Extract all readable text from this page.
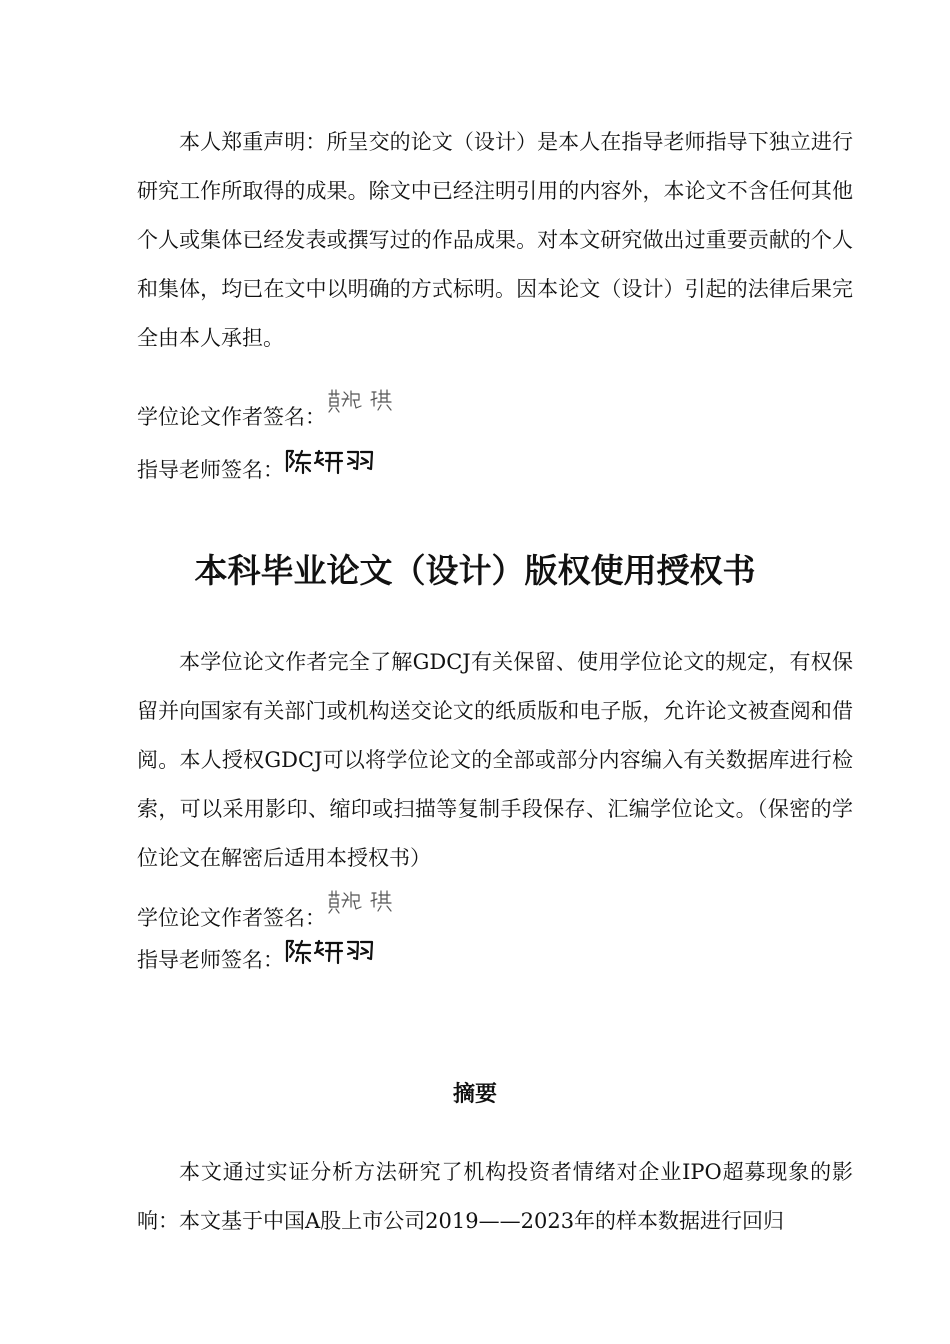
本人郑重声明：所呈交的论文（设计）是本人在指导老师指导下独立进行研究工作所取得的成果。除文中已经注明引用的内容外，本论文不含任何其他个人或集体已经发表或撰写过的作品成果。对本文研究做出过重要贡献的个人和集体，均已在文中以明确的方式标明。因本论文（设计）引起的法律后果完全由本人承担。

学位论文作者签名：
指导老师签名：
本科毕业论文（设计）版权使用授权书

本学位论文作者完全了解GDCJ有关保留、使用学位论文的规定，有权保留并向国家有关部门或机构送交论文的纸质版和电子版，允许论文被查阅和借阅。本人授权GDCJ可以将学位论文的全部或部分内容编入有关数据库进行检索，可以采用影印、缩印或扫描等复制手段保存、汇编学位论文。（保密的学位论文在解密后适用本授权书）

学位论文作者签名：
指导老师签名：
摘要

本文通过实证分析方法研究了机构投资者情绪对企业IPO超募现象的影响：本文基于中国A股上市公司2019——2023年的样本数据进行回归
